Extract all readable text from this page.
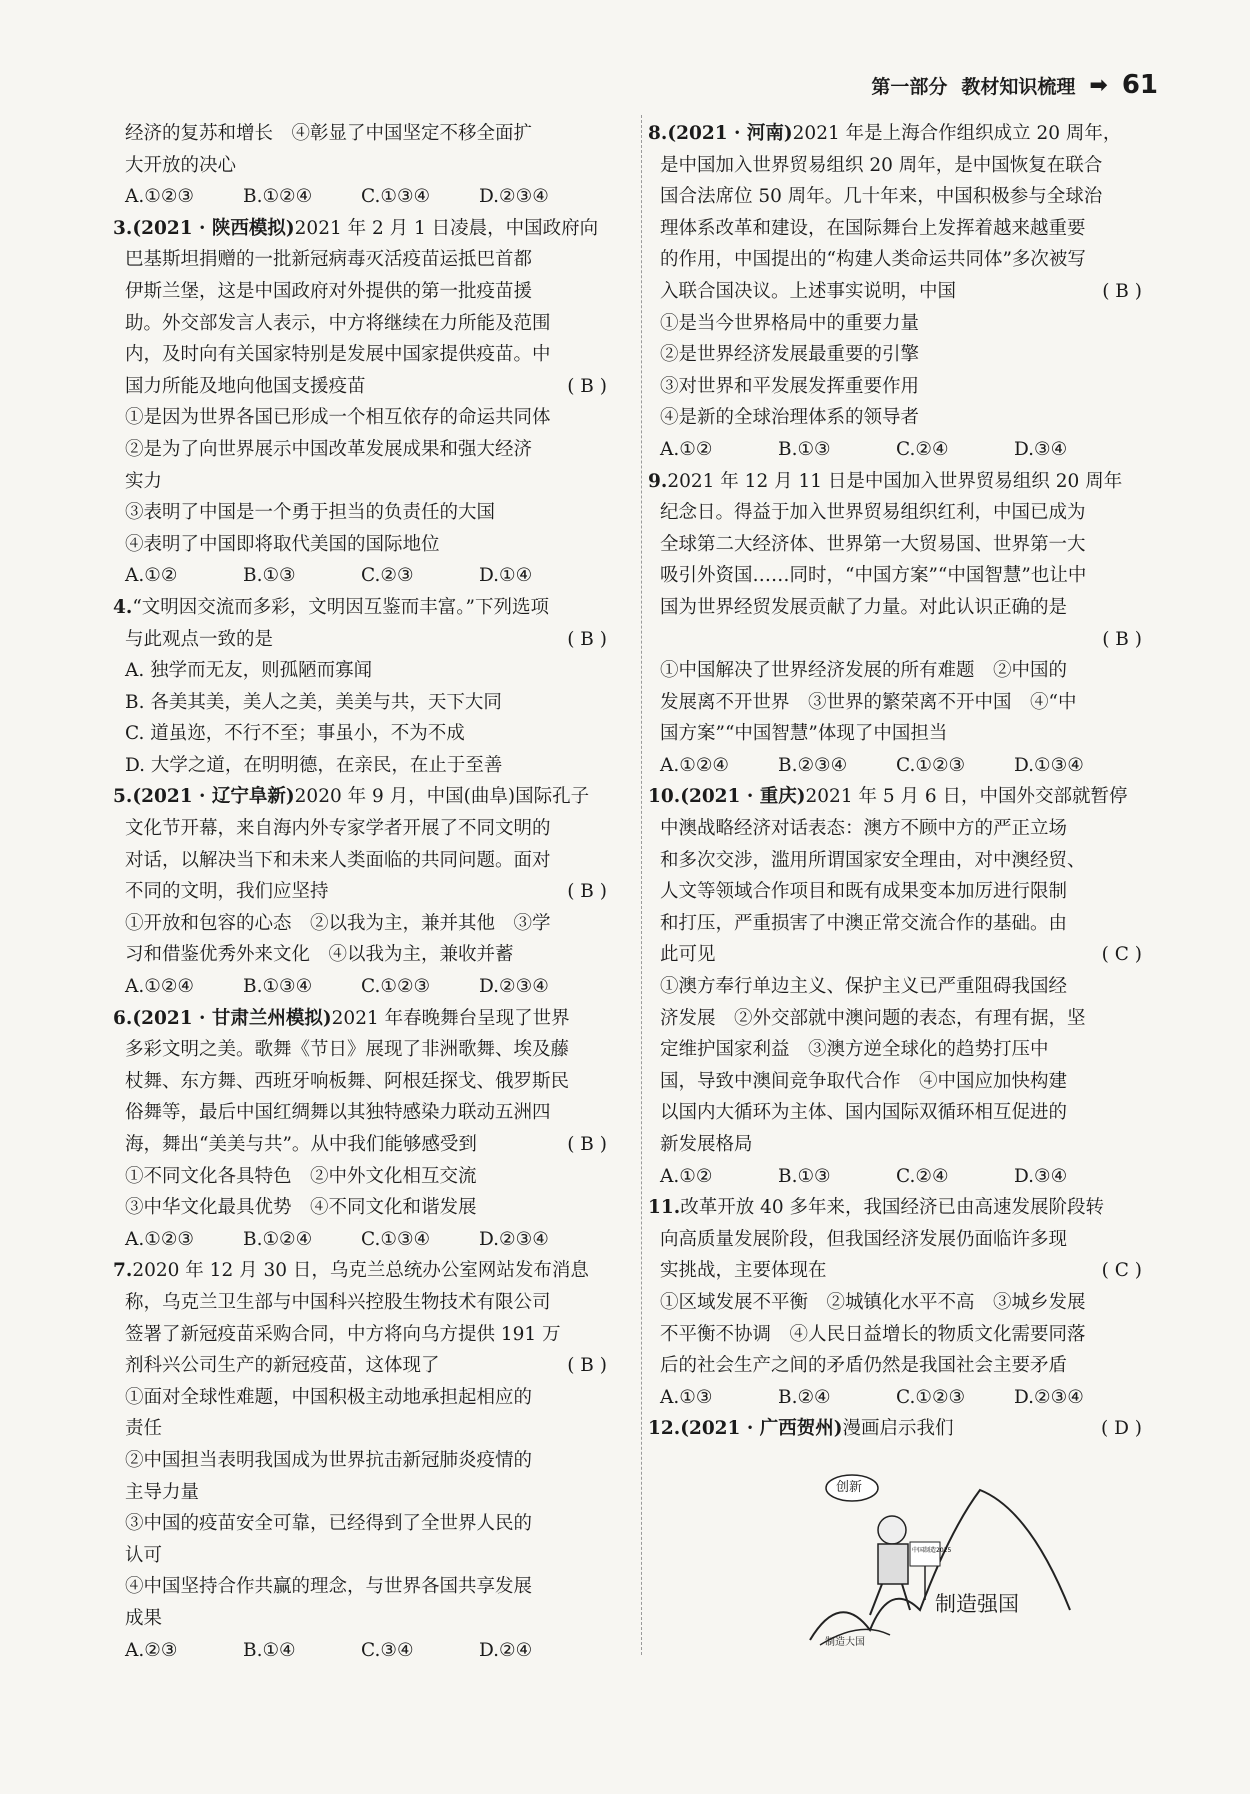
第一部分 教材知识梳理 ➡ 61
经济的复苏和增长　④彰显了中国坚定不移全面扩
大开放的决心
A.①②③	B.①②④	C.①③④	D.②③④
3.(2021 · 陕西模拟)2021 年 2 月 1 日凌晨，中国政府向
巴基斯坦捐赠的一批新冠病毒灭活疫苗运抵巴首都
伊斯兰堡，这是中国政府对外提供的第一批疫苗援
助。外交部发言人表示，中方将继续在力所能及范围
内，及时向有关国家特别是发展中国家提供疫苗。中
国力所能及地向他国支援疫苗	( B )
①是因为世界各国已形成一个相互依存的命运共同体
②是为了向世界展示中国改革发展成果和强大经济
实力
③表明了中国是一个勇于担当的负责任的大国
④表明了中国即将取代美国的国际地位
A.①②	B.①③	C.②③	D.①④
4.“文明因交流而多彩，文明因互鉴而丰富。”下列选项
与此观点一致的是	( B )
A. 独学而无友，则孤陋而寡闻
B. 各美其美，美人之美，美美与共，天下大同
C. 道虽迩，不行不至；事虽小，不为不成
D. 大学之道，在明明德，在亲民，在止于至善
5.(2021 · 辽宁阜新)2020 年 9 月，中国(曲阜)国际孔子
文化节开幕，来自海内外专家学者开展了不同文明的
对话，以解决当下和未来人类面临的共同问题。面对
不同的文明，我们应坚持	( B )
①开放和包容的心态　②以我为主，兼并其他　③学
习和借鉴优秀外来文化　④以我为主，兼收并蓄
A.①②④	B.①③④	C.①②③	D.②③④
6.(2021 · 甘肃兰州模拟)2021 年春晚舞台呈现了世界
多彩文明之美。歌舞《节日》展现了非洲歌舞、埃及藤
杖舞、东方舞、西班牙响板舞、阿根廷探戈、俄罗斯民
俗舞等，最后中国红绸舞以其独特感染力联动五洲四
海，舞出“美美与共”。从中我们能够感受到	( B )
①不同文化各具特色　②中外文化相互交流
③中华文化最具优势　④不同文化和谐发展
A.①②③	B.①②④	C.①③④	D.②③④
7.2020 年 12 月 30 日，乌克兰总统办公室网站发布消息
称，乌克兰卫生部与中国科兴控股生物技术有限公司
签署了新冠疫苗采购合同，中方将向乌方提供 191 万
剂科兴公司生产的新冠疫苗，这体现了	( B )
①面对全球性难题，中国积极主动地承担起相应的
责任
②中国担当表明我国成为世界抗击新冠肺炎疫情的
主导力量
③中国的疫苗安全可靠，已经得到了全世界人民的
认可
④中国坚持合作共赢的理念，与世界各国共享发展
成果
A.②③	B.①④	C.③④	D.②④
8.(2021 · 河南)2021 年是上海合作组织成立 20 周年，
是中国加入世界贸易组织 20 周年，是中国恢复在联合
国合法席位 50 周年。几十年来，中国积极参与全球治
理体系改革和建设，在国际舞台上发挥着越来越重要
的作用，中国提出的“构建人类命运共同体”多次被写
入联合国决议。上述事实说明，中国	( B )
①是当今世界格局中的重要力量
②是世界经济发展最重要的引擎
③对世界和平发展发挥重要作用
④是新的全球治理体系的领导者
A.①②	B.①③	C.②④	D.③④
9.2021 年 12 月 11 日是中国加入世界贸易组织 20 周年
纪念日。得益于加入世界贸易组织红利，中国已成为
全球第二大经济体、世界第一大贸易国、世界第一大
吸引外资国……同时，“中国方案”“中国智慧”也让中
国为世界经贸发展贡献了力量。对此认识正确的是
( B )

①中国解决了世界经济发展的所有难题　②中国的
发展离不开世界　③世界的繁荣离不开中国　④“中
国方案”“中国智慧”体现了中国担当
A.①②④	B.②③④	C.①②③	D.①③④
10.(2021 · 重庆)2021 年 5 月 6 日，中国外交部就暂停
中澳战略经济对话表态：澳方不顾中方的严正立场
和多次交涉，滥用所谓国家安全理由，对中澳经贸、
人文等领域合作项目和既有成果变本加厉进行限制
和打压，严重损害了中澳正常交流合作的基础。由
此可见	( C )
①澳方奉行单边主义、保护主义已严重阻碍我国经
济发展　②外交部就中澳问题的表态，有理有据，坚
定维护国家利益　③澳方逆全球化的趋势打压中
国，导致中澳间竞争取代合作　④中国应加快构建
以国内大循环为主体、国内国际双循环相互促进的
新发展格局
A.①②	B.①③	C.②④	D.③④
11.改革开放 40 多年来，我国经济已由高速发展阶段转
向高质量发展阶段，但我国经济发展仍面临许多现
实挑战，主要体现在	( C )
①区域发展不平衡　②城镇化水平不高　③城乡发展
不平衡不协调　④人民日益增长的物质文化需要同落
后的社会生产之间的矛盾仍然是我国社会主要矛盾
A.①③	B.②④	C.①②③	D.②③④
12.(2021 · 广西贺州)漫画启示我们	( D )
中国制造2025
创新
制造强国
制造大国
